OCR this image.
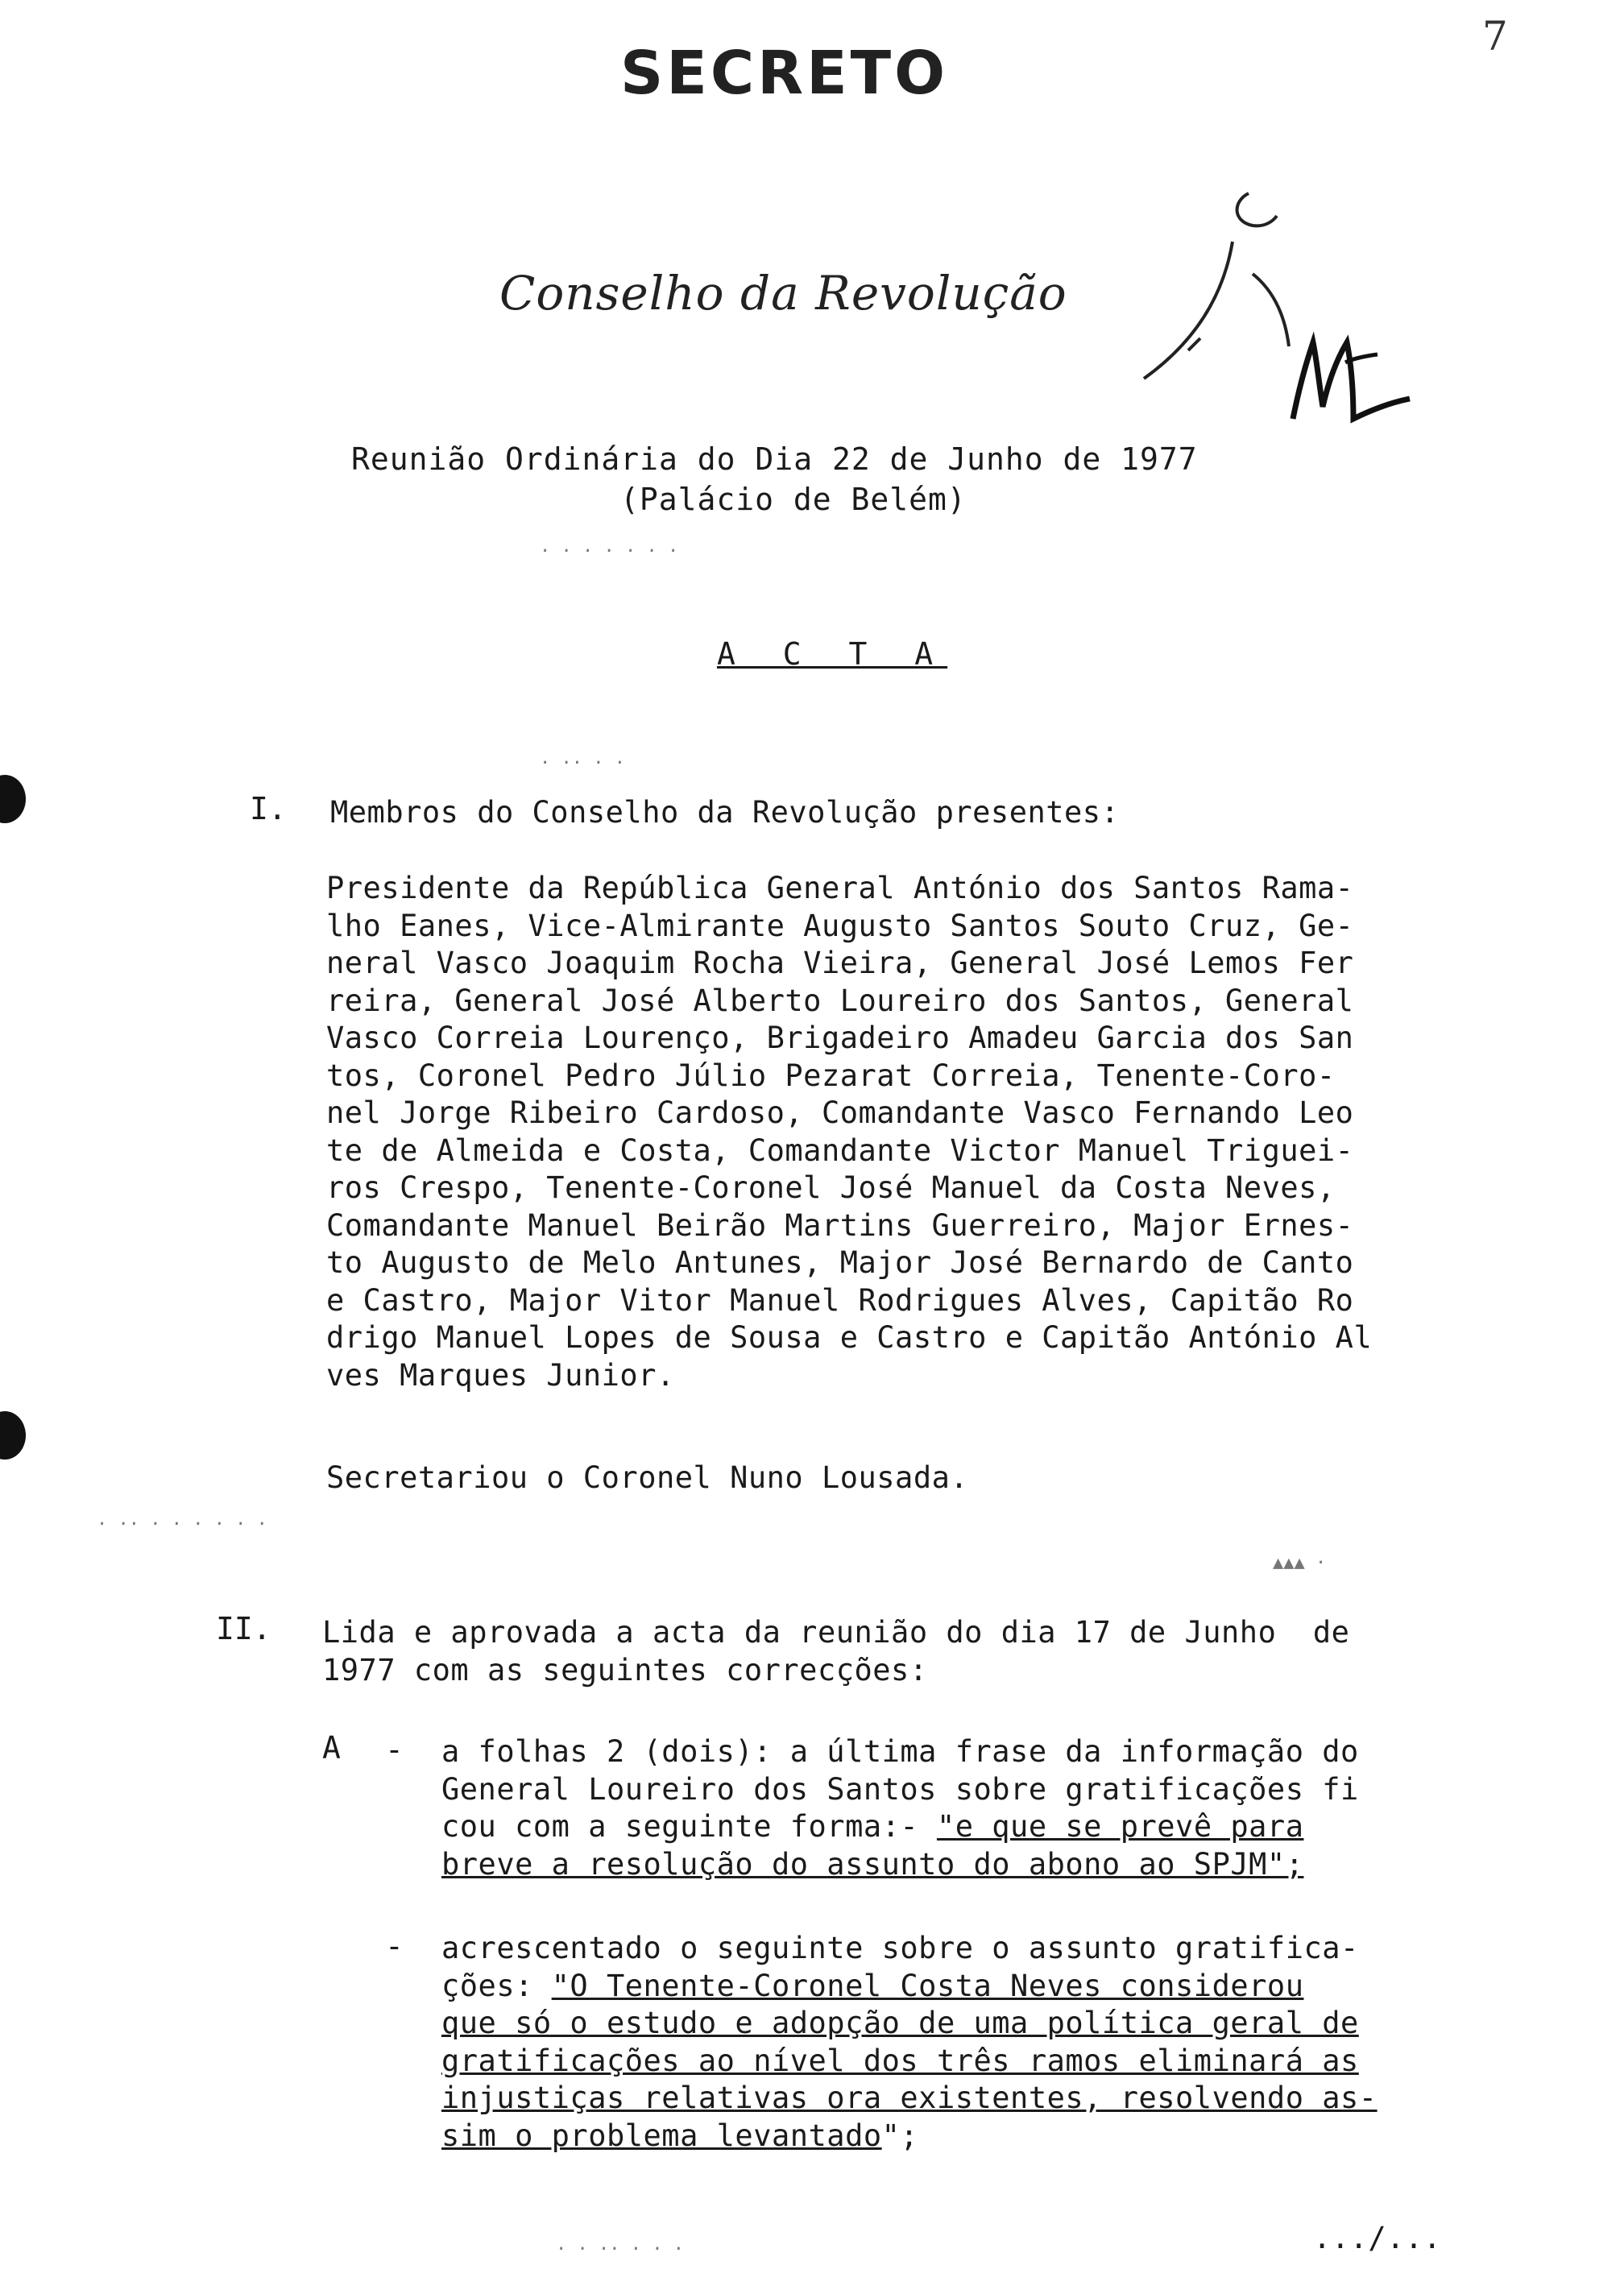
SECRETO
7
Conselho da Revolução
Reunião Ordinária do Dia 22 de Junho de 1977
(Palácio de Belém)
A C T A
I. Membros do Conselho da Revolução presentes:
Presidente da República General António dos Santos Rama-
lho Eanes, Vice-Almirante Augusto Santos Souto Cruz, Ge-
neral Vasco Joaquim Rocha Vieira, General José Lemos Fer
reira, General José Alberto Loureiro dos Santos, General
Vasco Correia Lourenço, Brigadeiro Amadeu Garcia dos San
tos, Coronel Pedro Júlio Pezarat Correia, Tenente-Coro-
nel Jorge Ribeiro Cardoso, Comandante Vasco Fernando Leo
te de Almeida e Costa, Comandante Victor Manuel Triguei-
ros Crespo, Tenente-Coronel José Manuel da Costa Neves,
Comandante Manuel Beirão Martins Guerreiro, Major Ernes-
to Augusto de Melo Antunes, Major José Bernardo de Canto
e Castro, Major Vitor Manuel Rodrigues Alves, Capitão Ro
drigo Manuel Lopes de Sousa e Castro e Capitão António Al
ves Marques Junior.
Secretariou o Coronel Nuno Lousada.
II. Lida e aprovada a acta da reunião do dia 17 de Junho  de
1977 com as seguintes correcções:
A - a folhas 2 (dois): a última frase da informação do
General Loureiro dos Santos sobre gratificações fi
cou com a seguinte forma:- "e que se prevê para
breve a resolução do assunto do abono ao SPJM";
- acrescentado o seguinte sobre o assunto gratifica-
ções: "O Tenente-Coronel Costa Neves considerou
que só o estudo e adopção de uma política geral de
gratificações ao nível dos três ramos eliminará as
injustiças relativas ora existentes, resolvendo as-
sim o problema levantado";
.../...
· · · · · · ·
· ·· · ·
· ·· · · · · · ·
▲▲▲ ·
· · ·· · · ·
